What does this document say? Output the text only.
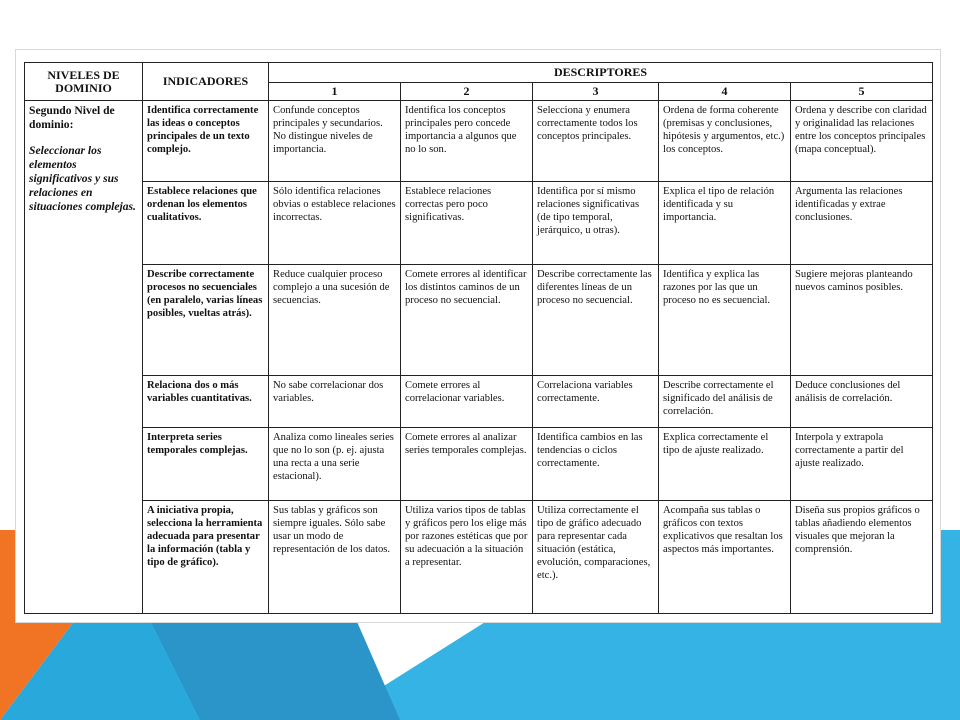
NIVELES DE DOMINIO	INDICADORES	DESCRIPTORES				
		1	2	3	4	5

Segundo Nivel de dominio:
Seleccionar los elementos significativos y sus relaciones en situaciones complejas.	Identifica correctamente las ideas o conceptos principales de un texto complejo.	Confunde conceptos principales y secundarios. No distingue niveles de importancia.	Identifica los conceptos principales pero concede importancia a algunos que no lo son.	Selecciona y enumera correctamente todos los conceptos principales.	Ordena de forma coherente (premisas y conclusiones, hipótesis y argumentos, etc.) los conceptos.	Ordena y describe con claridad y originalidad las relaciones entre los conceptos principales (mapa conceptual).
	Establece relaciones que ordenan los elementos cualitativos.	Sólo identifica relaciones obvias o establece relaciones incorrectas.	Establece relaciones correctas pero poco significativas.	Identifica por sí mismo relaciones significativas (de tipo temporal, jerárquico, u otras).	Explica el tipo de relación identificada y su importancia.	Argumenta las relaciones identificadas y extrae conclusiones.
	Describe correctamente procesos no secuenciales (en paralelo, varias líneas posibles, vueltas atrás).	Reduce cualquier proceso complejo a una sucesión de secuencias.	Comete errores al identificar los distintos caminos de un proceso no secuencial.	Describe correctamente las diferentes líneas de un proceso no secuencial.	Identifica y explica las razones por las que un proceso no es secuencial.	Sugiere mejoras planteando nuevos caminos posibles.
	Relaciona dos o más variables cuantitativas.	No sabe correlacionar dos variables.	Comete errores al correlacionar variables.	Correlaciona variables correctamente.	Describe correctamente el significado del análisis de correlación.	Deduce conclusiones del análisis de correlación.
	Interpreta series temporales complejas.	Analiza como lineales series que no lo son (p. ej. ajusta una recta a una serie estacional).	Comete errores al analizar series temporales complejas.	Identifica cambios en las tendencias o ciclos correctamente.	Explica correctamente el tipo de ajuste realizado.	Interpola y extrapola correctamente a partir del ajuste realizado.
	A iniciativa propia, selecciona la herramienta adecuada para presentar la información (tabla y tipo de gráfico).	Sus tablas y gráficos son siempre iguales. Sólo sabe usar un modo de representación de los datos.	Utiliza varios tipos de tablas y gráficos pero los elige más por razones estéticas que por su adecuación a la situación a representar.	Utiliza correctamente el tipo de gráfico adecuado para representar cada situación (estática, evolución, comparaciones, etc.).	Acompaña sus tablas o gráficos con textos explicativos que resaltan los aspectos más importantes.	Diseña sus propios gráficos o tablas añadiendo elementos visuales que mejoran la comprensión.
